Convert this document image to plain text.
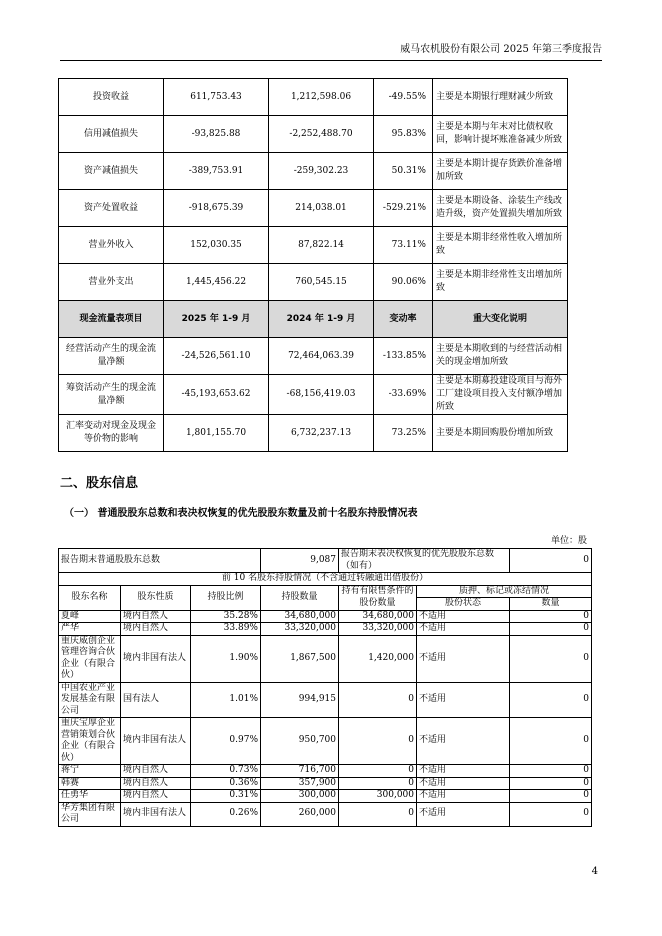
威马农机股份有限公司 2025 年第三季度报告
投资收益	611,753.43	1,212,598.06	-49.55%	主要是本期银行理财减少所致
信用减值损失	-93,825.88	-2,252,488.70	95.83%	主要是本期与年末对比债权收回，影响计提坏账准备减少所致
资产减值损失	-389,753.91	-259,302.23	50.31%	主要是本期计提存货跌价准备增加所致
资产处置收益	-918,675.39	214,038.01	-529.21%	主要是本期设备、涂装生产线改造升级，资产处置损失增加所致
营业外收入	152,030.35	87,822.14	73.11%	主要是本期非经常性收入增加所致
营业外支出	1,445,456.22	760,545.15	90.06%	主要是本期非经常性支出增加所致
现金流量表项目	2025 年 1-9 月	2024 年 1-9 月	变动率	重大变化说明
经营活动产生的现金流量净额	-24,526,561.10	72,464,063.39	-133.85%	主要是本期收到的与经营活动相关的现金增加所致
筹资活动产生的现金流量净额	-45,193,653.62	-68,156,419.03	-33.69%	主要是本期募投建设项目与海外工厂建设项目投入支付额净增加所致
汇率变动对现金及现金等价物的影响	1,801,155.70	6,732,237.13	73.25%	主要是本期回购股份增加所致
二、股东信息
（一） 普通股股东总数和表决权恢复的优先股股东数量及前十名股东持股情况表
单位：股
报告期末普通股股东总数			9,087	报告期末表决权恢复的优先股股东总数（如有）		0
前 10 名股东持股情况（不含通过转融通出借股份）						
股东名称	股东性质	持股比例	持股数量	持有有限售条件的股份数量	质押、标记或冻结情况	
					股份状态	数量
夏峰	境内自然人	35.28%	34,680,000	34,680,000	不适用	0
严华	境内自然人	33.89%	33,320,000	33,320,000	不适用	0
重庆威创企业管理咨询合伙企业（有限合伙）	境内非国有法人	1.90%	1,867,500	1,420,000	不适用	0
中国农业产业发展基金有限公司	国有法人	1.01%	994,915	0	不适用	0
重庆宝厚企业营销策划合伙企业（有限合伙）	境内非国有法人	0.97%	950,700	0	不适用	0
蒋宁	境内自然人	0.73%	716,700	0	不适用	0
韩赛	境内自然人	0.36%	357,900	0	不适用	0
任勇华	境内自然人	0.31%	300,000	300,000	不适用	0
华芳集团有限公司	境内非国有法人	0.26%	260,000	0	不适用	0
4
